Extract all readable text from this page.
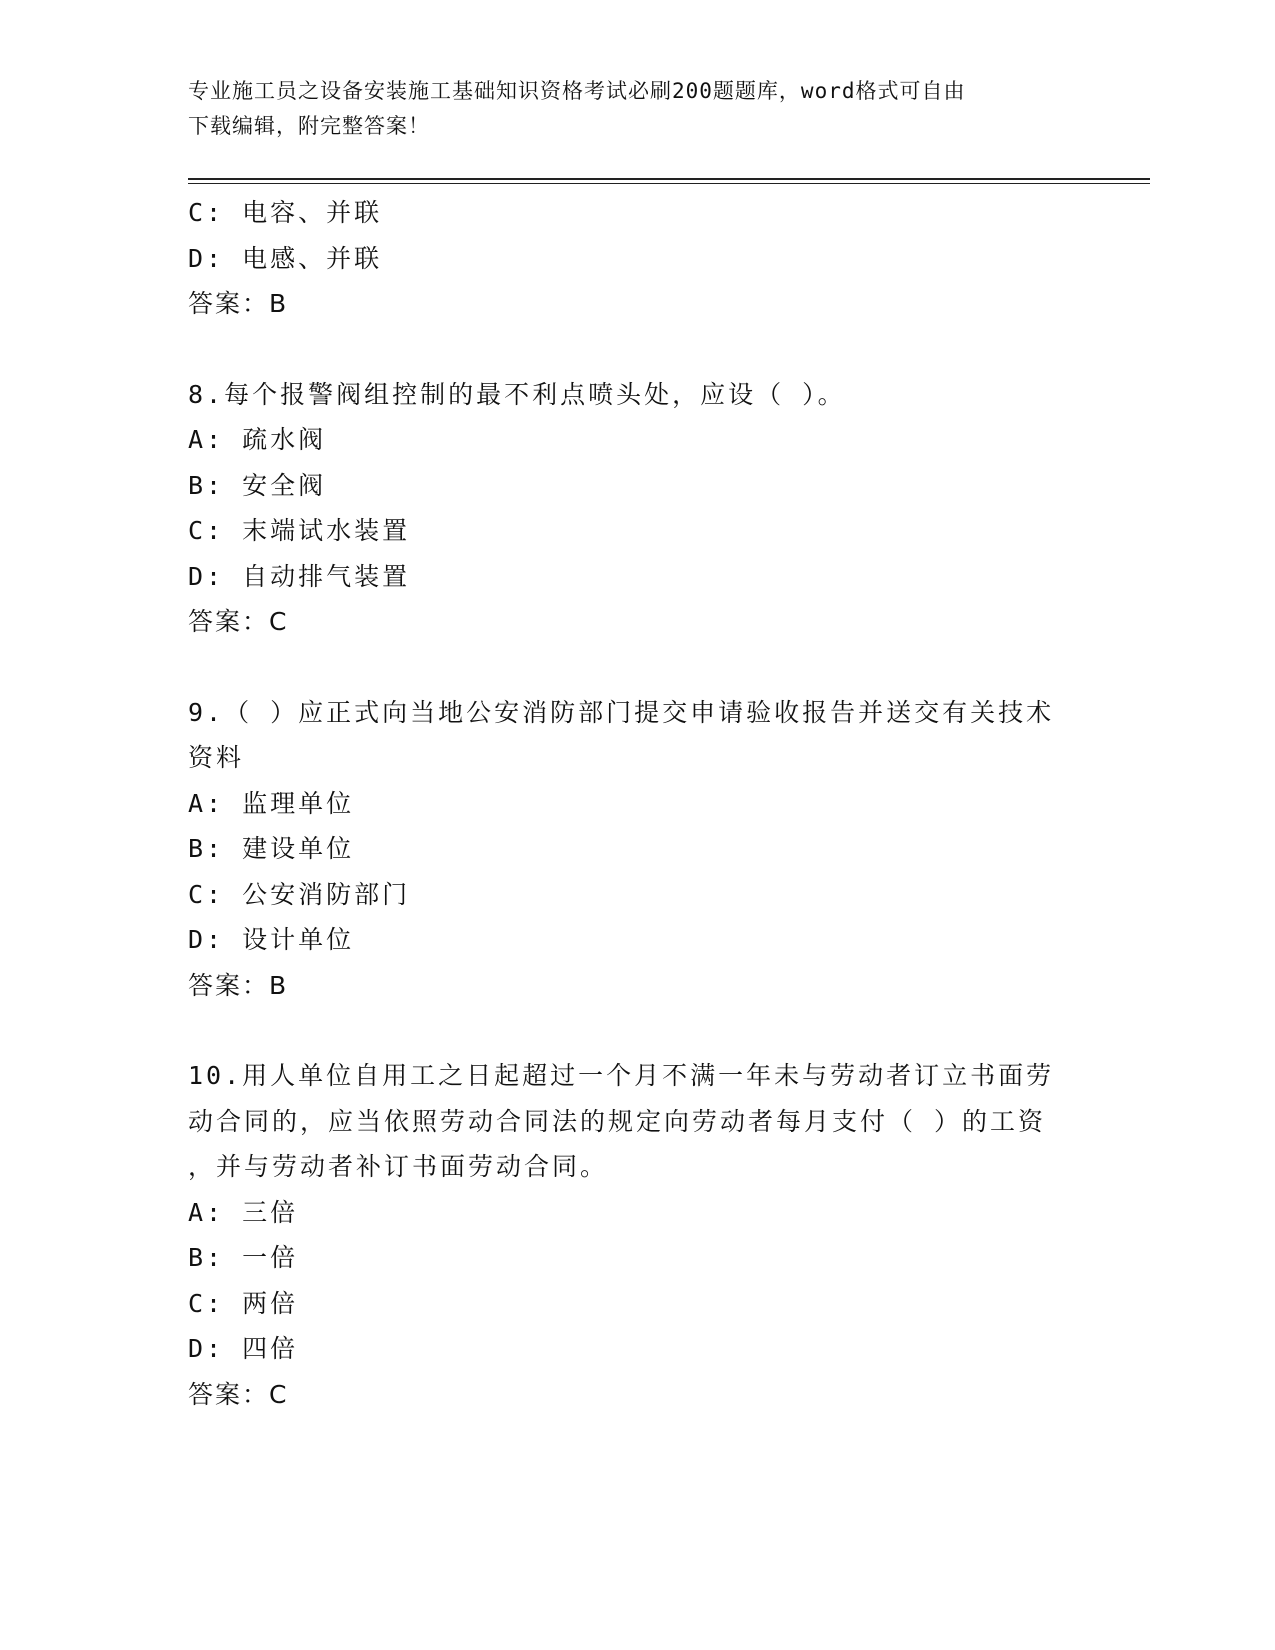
专业施工员之设备安装施工基础知识资格考试必刷200题题库，word格式可自由
下载编辑，附完整答案！
C: 电容、并联
D: 电感、并联
答案：B
8.每个报警阀组控制的最不利点喷头处，应设（ ）。
A: 疏水阀
B: 安全阀
C: 末端试水装置
D: 自动排气装置
答案：C
9.（ ）应正式向当地公安消防部门提交申请验收报告并送交有关技术
资料
A: 监理单位
B: 建设单位
C: 公安消防部门
D: 设计单位
答案：B
10.用人单位自用工之日起超过一个月不满一年未与劳动者订立书面劳
动合同的，应当依照劳动合同法的规定向劳动者每月支付（ ）的工资
，并与劳动者补订书面劳动合同。
A: 三倍
B: 一倍
C: 两倍
D: 四倍
答案：C
